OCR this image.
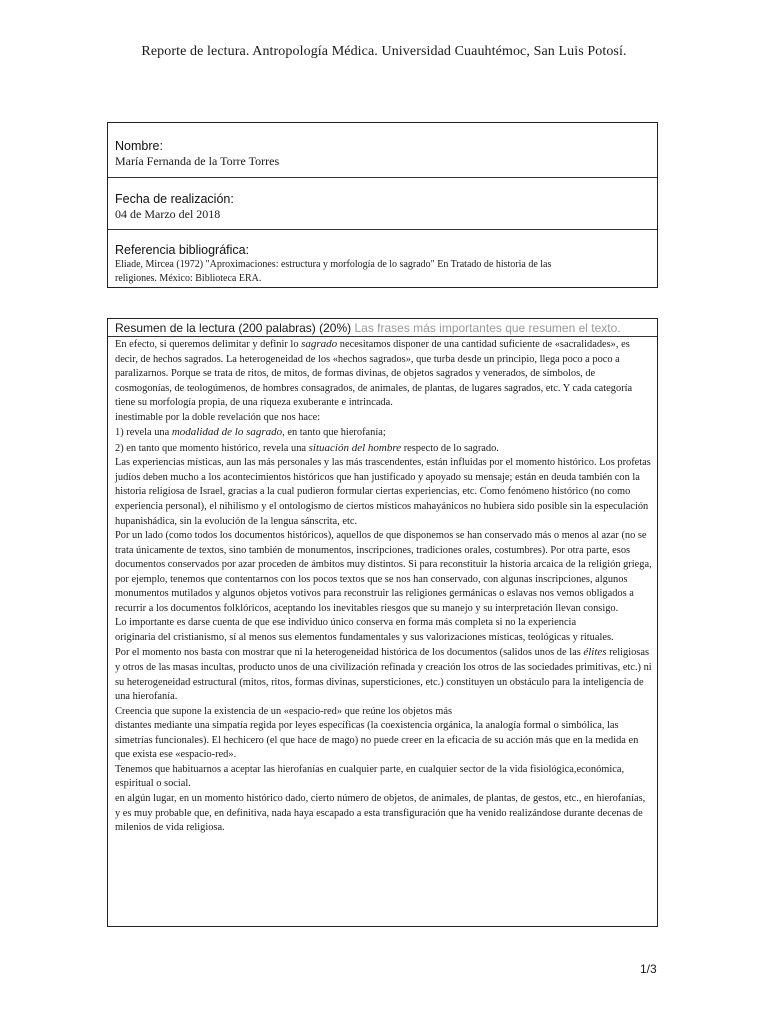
Reporte de lectura. Antropología Médica. Universidad Cuauhtémoc, San Luis Potosí.
Nombre:
María Fernanda de la Torre Torres
Fecha de realización:
04 de Marzo del 2018
Referencia bibliográfica:
Eliade, Mircea (1972) "Aproximaciones: estructura y morfología de lo sagrado" En Tratado de historia de las
religiones. México: Biblioteca ERA.
Resumen de la lectura (200 palabras) (20%) Las frases más importantes que resumen el texto.

En efecto, si queremos delimitar y definir lo sagrado necesitamos disponer de una cantidad suficiente de «sacralidades», es decir, de hechos sagrados. La heterogeneidad de los «hechos sagrados», que turba desde un principio, llega poco a poco a paralizarnos. Porque se trata de ritos, de mitos, de formas divinas, de objetos sagrados y venerados, de símbolos, de cosmogonías, de teologúmenos, de hombres consagrados, de animales, de plantas, de lugares sagrados, etc. Y cada categoría tiene su morfología propia, de una riqueza exuberante e intrincada.

inestimable por la doble revelación que nos hace:

1) revela una modalidad de lo sagrado, en tanto que hierofanía;

2) en tanto que momento histórico, revela una situación del hombre respecto de lo sagrado.

Las experiencias místicas, aun las más personales y las más trascendentes, están influidas por el momento histórico. Los profetas judíos deben mucho a los acontecimientos históricos que han justificado y apoyado su mensaje; están en deuda también con la historia religiosa de Israel, gracias a la cual pudieron formular ciertas experiencias, etc. Como fenómeno histórico (no como experiencia personal), el nihilismo y el ontologismo de ciertos místicos mahayánicos no hubiera sido posible sin la especulación hupanishádica, sin la evolución de la lengua sánscrita, etc.

Por un lado (como todos los documentos históricos), aquellos de que disponemos se han conservado más o menos al azar (no se trata únicamente de textos, sino también de monumentos, inscripciones, tradiciones orales, costumbres). Por otra parte, esos documentos conservados por azar proceden de ámbitos muy distintos. Si para reconstituir la historia arcaica de la religión griega, por ejemplo, tenemos que contentarnos con los pocos textos que se nos han conservado, con algunas inscripciones, algunos monumentos mutilados y algunos objetos votivos para reconstruir las religiones germánicas o eslavas nos vemos obligados a recurrir a los documentos folklóricos, aceptando los inevitables riesgos que su manejo y su interpretación llevan consigo.

Lo importante es darse cuenta de que ese individuo único conserva en forma más completa si no la experiencia

originaria del cristianismo, sí al menos sus elementos fundamentales y sus valorizaciones místicas, teológicas y rituales.

Por el momento nos basta con mostrar que ni la heterogeneidad histórica de los documentos (salidos unos de las élites religiosas y otros de las masas incultas, producto unos de una civilización refinada y creación los otros de las sociedades primitivas, etc.) ni su heterogeneidad estructural (mitos, ritos, formas divinas, supersticiones, etc.) constituyen un obstáculo para la inteligencia de una hierofanía.

Creencia que supone la existencia de un «espacio-red» que reúne los objetos más

distantes mediante una simpatía regida por leyes específicas (la coexistencia orgánica, la analogía formal o simbólica, las simetrías funcionales). El hechicero (el que hace de mago) no puede creer en la eficacia de su acción más que en la medida en que exista ese «espacio-red».

Tenemos que habituarnos a aceptar las hierofanías en cualquier parte, en cualquier sector de la vida fisiológica,económica, espiritual o social.

en algún lugar, en un momento histórico dado, cierto número de objetos, de animales, de plantas, de gestos, etc., en hierofanías, y es muy probable que, en definitiva, nada haya escapado a esta transfiguración que ha venido realizándose durante decenas de milenios de vida religiosa.

1/3
